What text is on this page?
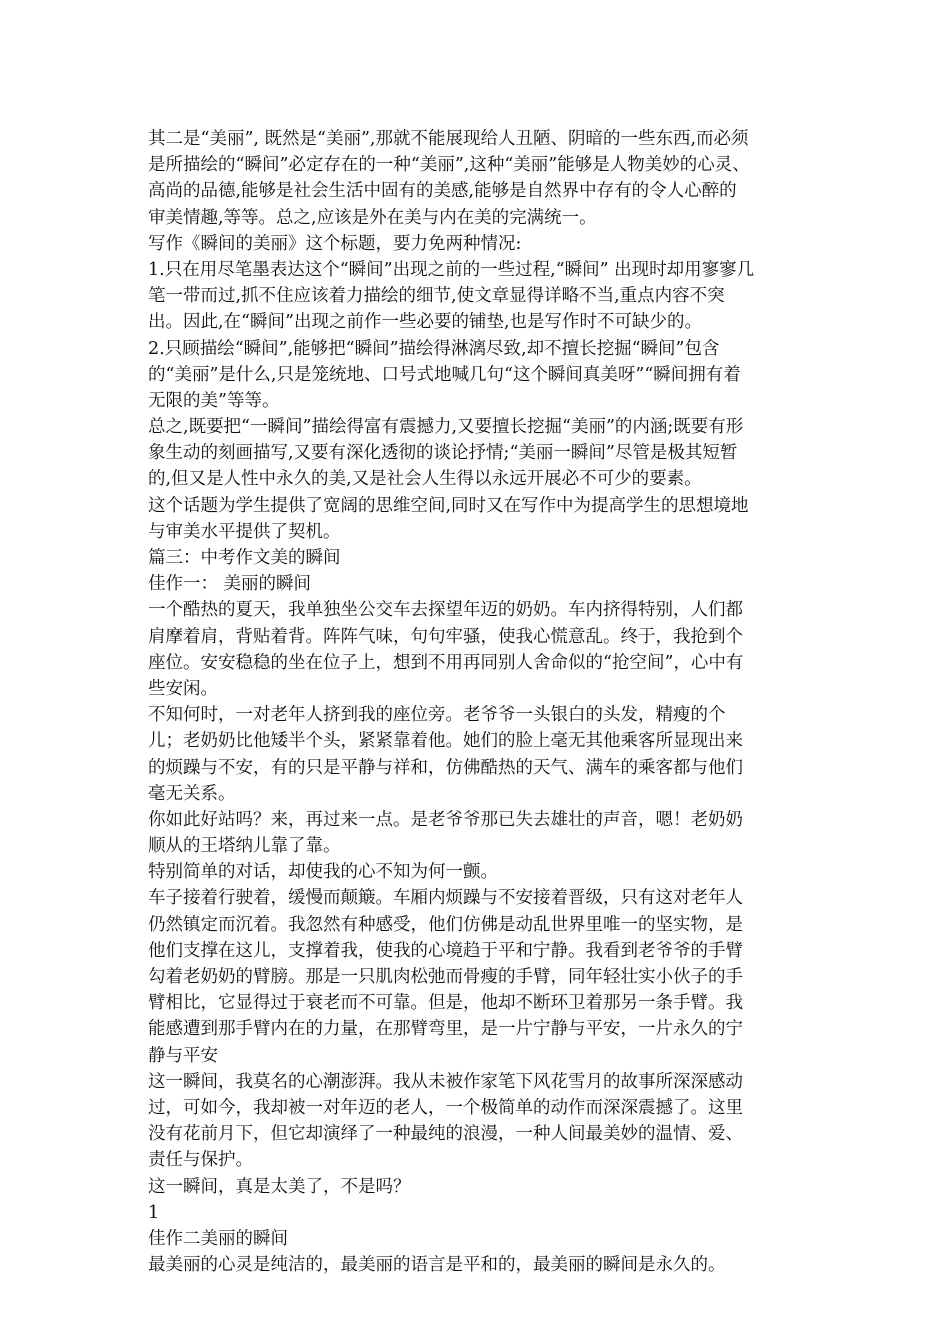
其二是“美丽”, 既然是“美丽”,那就不能展现给人丑陋、阴暗的一些东西,而必须
是所描绘的“瞬间”必定存在的一种“美丽”,这种“美丽”能够是人物美妙的心灵、
高尚的品德,能够是社会生活中固有的美感,能够是自然界中存有的令人心醉的
审美情趣,等等。总之,应该是外在美与内在美的完满统一。
写作《瞬间的美丽》这个标题，要力免两种情况:
1.只在用尽笔墨表达这个“瞬间”出现之前的一些过程,“瞬间” 出现时却用寥寥几
笔一带而过,抓不住应该着力描绘的细节,使文章显得详略不当,重点内容不突
出。因此,在“瞬间”出现之前作一些必要的铺垫,也是写作时不可缺少的。
2.只顾描绘“瞬间”,能够把“瞬间”描绘得淋漓尽致,却不擅长挖掘“瞬间”包含
的“美丽”是什么,只是笼统地、口号式地喊几句“这个瞬间真美呀”“瞬间拥有着
无限的美”等等。
总之,既要把“一瞬间”描绘得富有震撼力,又要擅长挖掘“美丽”的内涵;既要有形
象生动的刻画描写,又要有深化透彻的谈论抒情;“美丽一瞬间”尽管是极其短暂
的,但又是人性中永久的美,又是社会人生得以永远开展必不可少的要素。
这个话题为学生提供了宽阔的思维空间,同时又在写作中为提高学生的思想境地
与审美水平提供了契机。
篇三：中考作文美的瞬间
佳作一： 美丽的瞬间
一个酷热的夏天，我单独坐公交车去探望年迈的奶奶。车内挤得特别，人们都
肩摩着肩，背贴着背。阵阵气味，句句牢骚，使我心慌意乱。终于，我抢到个
座位。安安稳稳的坐在位子上，想到不用再同别人舍命似的“抢空间”，心中有
些安闲。
不知何时，一对老年人挤到我的座位旁。老爷爷一头银白的头发，精瘦的个
儿；老奶奶比他矮半个头，紧紧靠着他。她们的脸上毫无其他乘客所显现出来
的烦躁与不安，有的只是平静与祥和，仿佛酷热的天气、满车的乘客都与他们
毫无关系。
你如此好站吗？来，再过来一点。是老爷爷那已失去雄壮的声音，嗯！老奶奶
顺从的王塔纳儿靠了靠。
特别简单的对话，却使我的心不知为何一颤。
车子接着行驶着，缓慢而颠簸。车厢内烦躁与不安接着晋级，只有这对老年人
仍然镇定而沉着。我忽然有种感受，他们仿佛是动乱世界里唯一的坚实物，是
他们支撑在这儿，支撑着我，使我的心境趋于平和宁静。我看到老爷爷的手臂
勾着老奶奶的臂膀。那是一只肌肉松弛而骨瘦的手臂，同年轻壮实小伙子的手
臂相比，它显得过于衰老而不可靠。但是，他却不断环卫着那另一条手臂。我
能感遭到那手臂内在的力量，在那臂弯里，是一片宁静与平安，一片永久的宁
静与平安
这一瞬间，我莫名的心潮澎湃。我从未被作家笔下风花雪月的故事所深深感动
过，可如今，我却被一对年迈的老人，一个极简单的动作而深深震撼了。这里
没有花前月下，但它却演绎了一种最纯的浪漫，一种人间最美妙的温情、爱、
责任与保护。
这一瞬间，真是太美了，不是吗？
1
佳作二美丽的瞬间
最美丽的心灵是纯洁的，最美丽的语言是平和的，最美丽的瞬间是永久的。
